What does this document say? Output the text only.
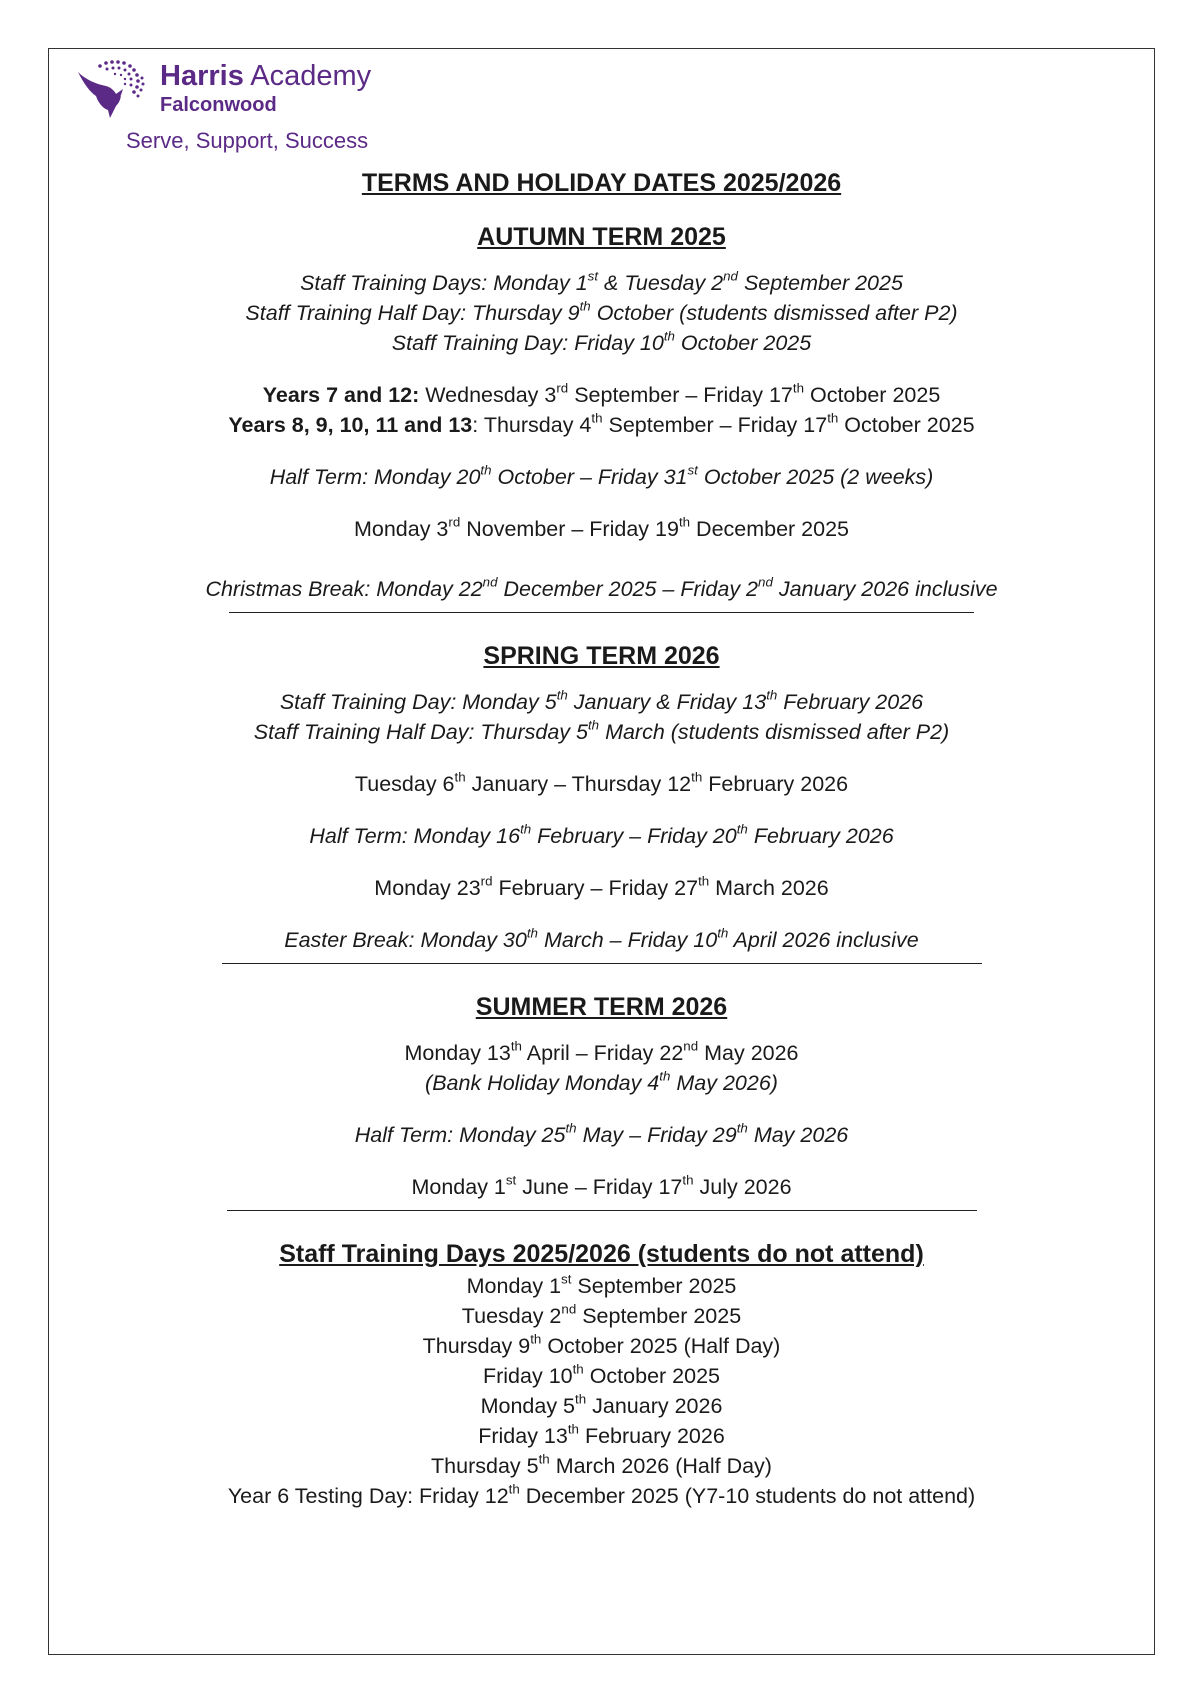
Harris Academy
Falconwood
Serve, Support, Success

TERMS AND HOLIDAY DATES 2025/2026

AUTUMN TERM 2025

Staff Training Days: Monday 1st & Tuesday 2nd September 2025

Staff Training Half Day: Thursday 9th October (students dismissed after P2)

Staff Training Day: Friday 10th October 2025

Years 7 and 12: Wednesday 3rd September – Friday 17th October 2025

Years 8, 9, 10, 11 and 13: Thursday 4th September – Friday 17th October 2025

Half Term: Monday 20th October – Friday 31st October 2025 (2 weeks)

Monday 3rd November – Friday 19th December 2025

Christmas Break: Monday 22nd December 2025 – Friday 2nd January 2026 inclusive

SPRING TERM 2026

Staff Training Day: Monday 5th January & Friday 13th February 2026

Staff Training Half Day: Thursday 5th March (students dismissed after P2)

Tuesday 6th January – Thursday 12th February 2026

Half Term: Monday 16th February – Friday 20th February 2026

Monday 23rd February – Friday 27th March 2026

Easter Break: Monday 30th March – Friday 10th April 2026 inclusive

SUMMER TERM 2026

Monday 13th April – Friday 22nd May 2026

(Bank Holiday Monday 4th May 2026)

Half Term: Monday 25th May – Friday 29th May 2026

Monday 1st June – Friday 17th July 2026

Staff Training Days 2025/2026 (students do not attend)

Monday 1st September 2025

Tuesday 2nd September 2025

Thursday 9th October 2025 (Half Day)

Friday 10th October 2025

Monday 5th January 2026

Friday 13th February 2026

Thursday 5th March 2026 (Half Day)

Year 6 Testing Day: Friday 12th December 2025 (Y7-10 students do not attend)
